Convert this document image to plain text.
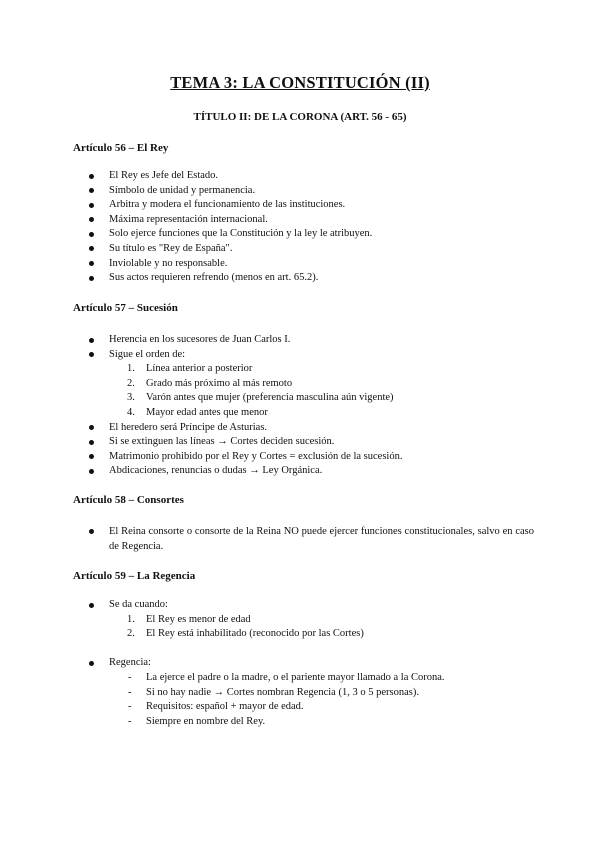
TEMA 3: LA CONSTITUCIÓN (II)
TÍTULO II: DE LA CORONA (ART. 56 - 65)
Artículo 56 – El Rey
El Rey es Jefe del Estado.
Símbolo de unidad y permanencia.
Arbitra y modera el funcionamiento de las instituciones.
Máxima representación internacional.
Solo ejerce funciones que la Constitución y la ley le atribuyen.
Su título es "Rey de España".
Inviolable y no responsable.
Sus actos requieren refrendo (menos en art. 65.2).
Artículo 57 – Sucesión
Herencia en los sucesores de Juan Carlos I.
Sigue el orden de:
1. Línea anterior a posterior
2. Grado más próximo al más remoto
3. Varón antes que mujer (preferencia masculina aún vigente)
4. Mayor edad antes que menor
El heredero será Príncipe de Asturias.
Si se extinguen las líneas → Cortes deciden sucesión.
Matrimonio prohibido por el Rey y Cortes = exclusión de la sucesión.
Abdicaciones, renuncias o dudas → Ley Orgánica.
Artículo 58 – Consortes
El Reina consorte o consorte de la Reina NO puede ejercer funciones constitucionales, salvo en caso de Regencia.
Artículo 59 – La Regencia
Se da cuando:
1. El Rey es menor de edad
2. El Rey está inhabilitado (reconocido por las Cortes)
Regencia:
- La ejerce el padre o la madre, o el pariente mayor llamado a la Corona.
- Si no hay nadie → Cortes nombran Regencia (1, 3 o 5 personas).
- Requisitos: español + mayor de edad.
- Siempre en nombre del Rey.
